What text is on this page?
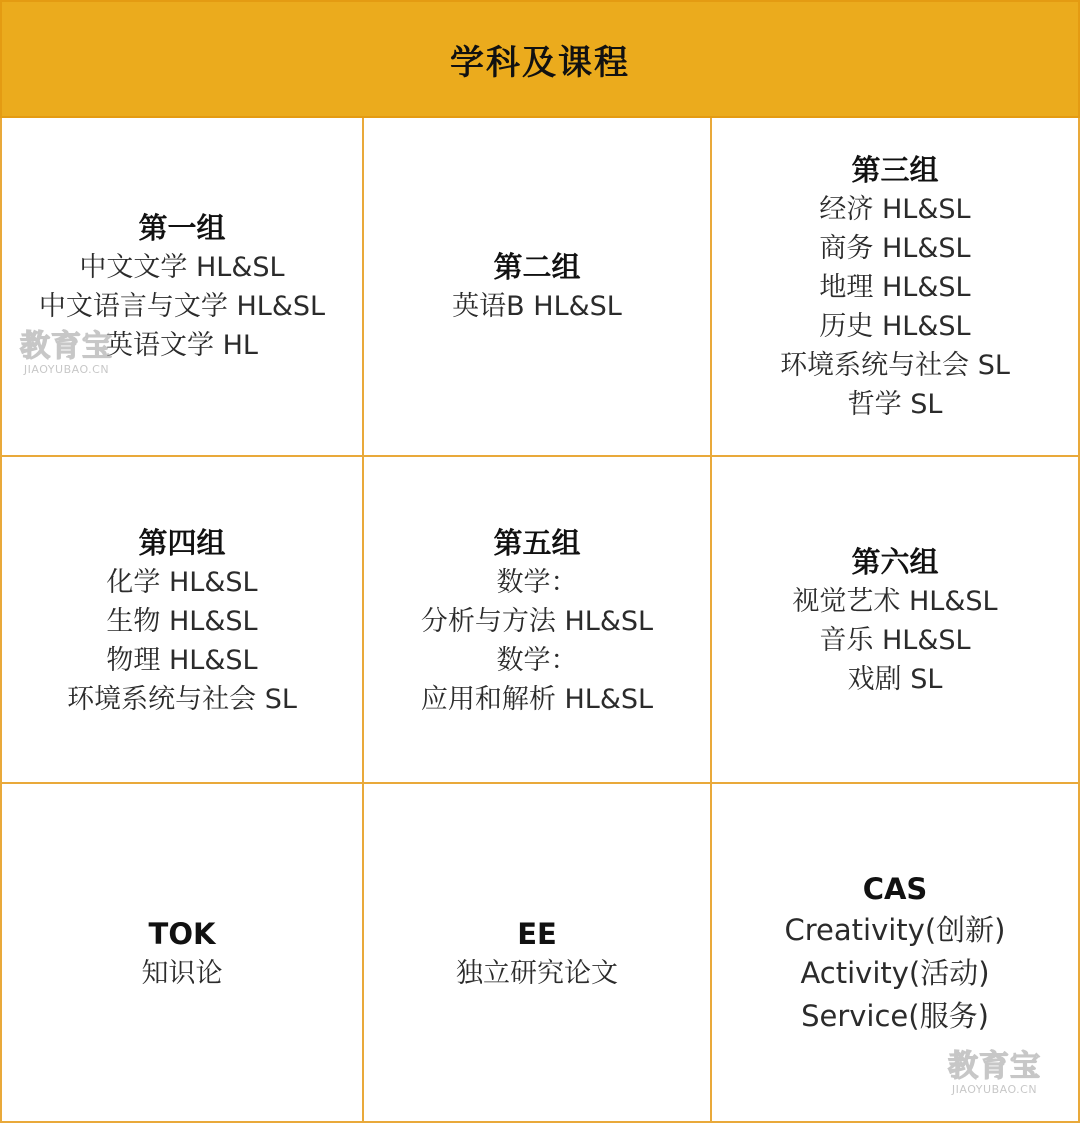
学科及课程
第一组
中文文学 HL&SL
中文语言与文学 HL&SL
英语文学 HL
第二组
英语B HL&SL
第三组
经济 HL&SL
商务 HL&SL
地理 HL&SL
历史 HL&SL
环境系统与社会 SL
哲学 SL
第四组
化学 HL&SL
生物 HL&SL
物理 HL&SL
环境系统与社会 SL
第五组
数学：
分析与方法 HL&SL
数学：
应用和解析 HL&SL
第六组
视觉艺术 HL&SL
音乐 HL&SL
戏剧 SL
TOK
知识论
EE
独立研究论文
CAS
Creativity(创新)
Activity(活动)
Service(服务)
教育宝
JIAOYUBAO.CN
教育宝
JIAOYUBAO.CN
